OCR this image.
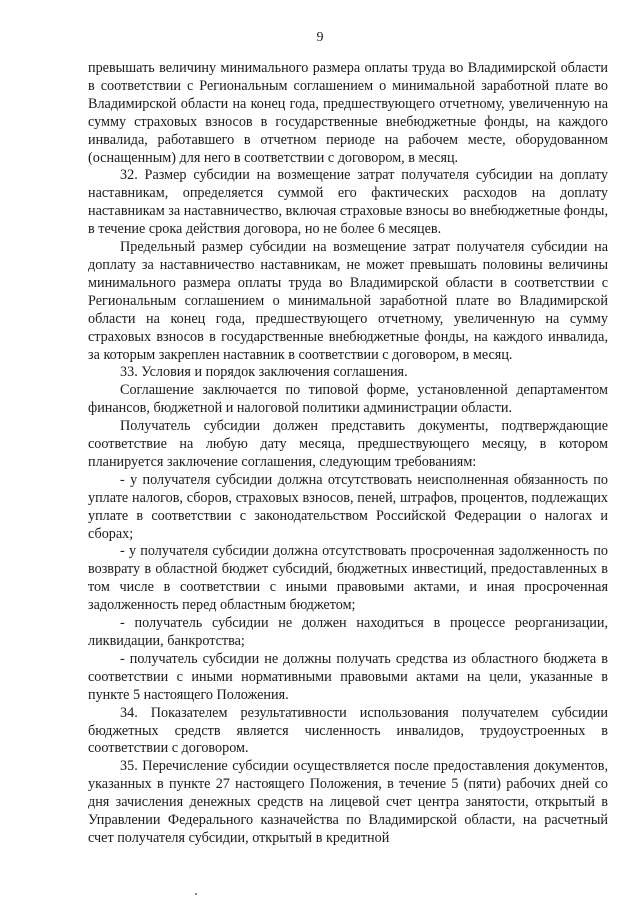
9

превышать величину минимального размера оплаты труда во Владимирской области в соответствии с Региональным соглашением о минимальной заработной плате во Владимирской области на конец года, предшествующего отчетному, увеличенную на сумму страховых взносов в государственные внебюджетные фонды, на каждого инвалида, работавшего в отчетном периоде на рабочем месте, оборудованном (оснащенным) для него в соответствии с договором, в месяц.

32. Размер субсидии на возмещение затрат получателя субсидии на доплату наставникам, определяется суммой его фактических расходов на доплату наставникам за наставничество, включая страховые взносы во внебюджетные фонды, в течение срока действия договора, но не более 6 месяцев.

Предельный размер субсидии на возмещение затрат получателя субсидии на доплату за наставничество наставникам, не может превышать половины величины минимального размера оплаты труда во Владимирской области в соответствии с Региональным соглашением о минимальной заработной плате во Владимирской области на конец года, предшествующего отчетному, увеличенную на сумму страховых взносов в государственные внебюджетные фонды, на каждого инвалида, за которым закреплен наставник в соответствии с договором, в месяц.

33. Условия и порядок заключения соглашения.

Соглашение заключается по типовой форме, установленной департаментом финансов, бюджетной и налоговой политики администрации области.

Получатель субсидии должен представить документы, подтверждающие соответствие на любую дату месяца, предшествующего месяцу, в котором планируется заключение соглашения, следующим требованиям:

- у получателя субсидии должна отсутствовать неисполненная обязанность по уплате налогов, сборов, страховых взносов, пеней, штрафов, процентов, подлежащих уплате в соответствии с законодательством Российской Федерации о налогах и сборах;

- у получателя субсидии должна отсутствовать просроченная задолженность по возврату в областной бюджет субсидий, бюджетных инвестиций, предоставленных в том числе в соответствии с иными правовыми актами, и иная просроченная задолженность перед областным бюджетом;

- получатель субсидии не должен находиться в процессе реорганизации, ликвидации, банкротства;

- получатель субсидии не должны получать средства из областного бюджета в соответствии с иными нормативными правовыми актами на цели, указанные в пункте 5 настоящего Положения.

34. Показателем результативности использования получателем субсидии бюджетных средств является численность инвалидов, трудоустроенных в соответствии с договором.

35. Перечисление субсидии осуществляется после предоставления документов, указанных в пункте 27 настоящего Положения, в течение 5 (пяти) рабочих дней со дня зачисления денежных средств на лицевой счет центра занятости, открытый в Управлении Федерального казначейства по Владимирской области, на расчетный счет получателя субсидии, открытый в кредитной
